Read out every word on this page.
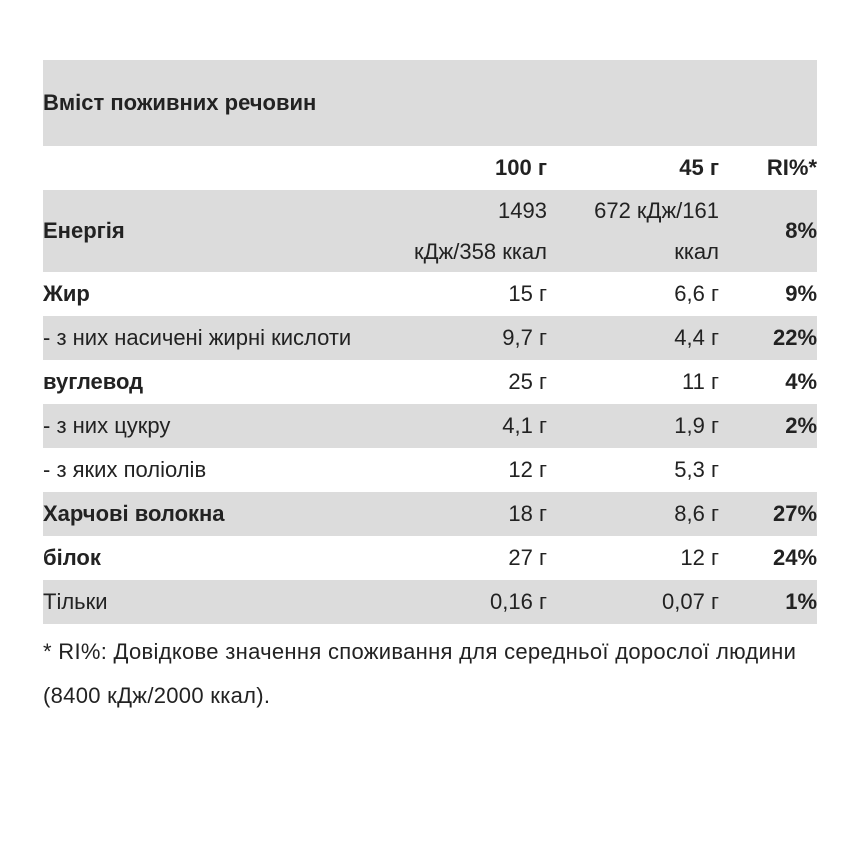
Вміст поживних речовин			
	100 г	45 г	RI%*
Енергія	1493 кДж/358 ккал	672 кДж/161 ккал	8%
Жир	15 г	6,6 г	9%
- з них насичені жирні кислоти	9,7 г	4,4 г	22%
вуглевод	25 г	11 г	4%
- з них цукру	4,1 г	1,9 г	2%
- з яких поліолів	12 г	5,3 г	
Харчові волокна	18 г	8,6 г	27%
білок	27 г	12 г	24%
Тільки	0,16 г	0,07 г	1%
* RI%: Довідкове значення споживання для середньої дорослої людини (8400 кДж/2000 ккал).
